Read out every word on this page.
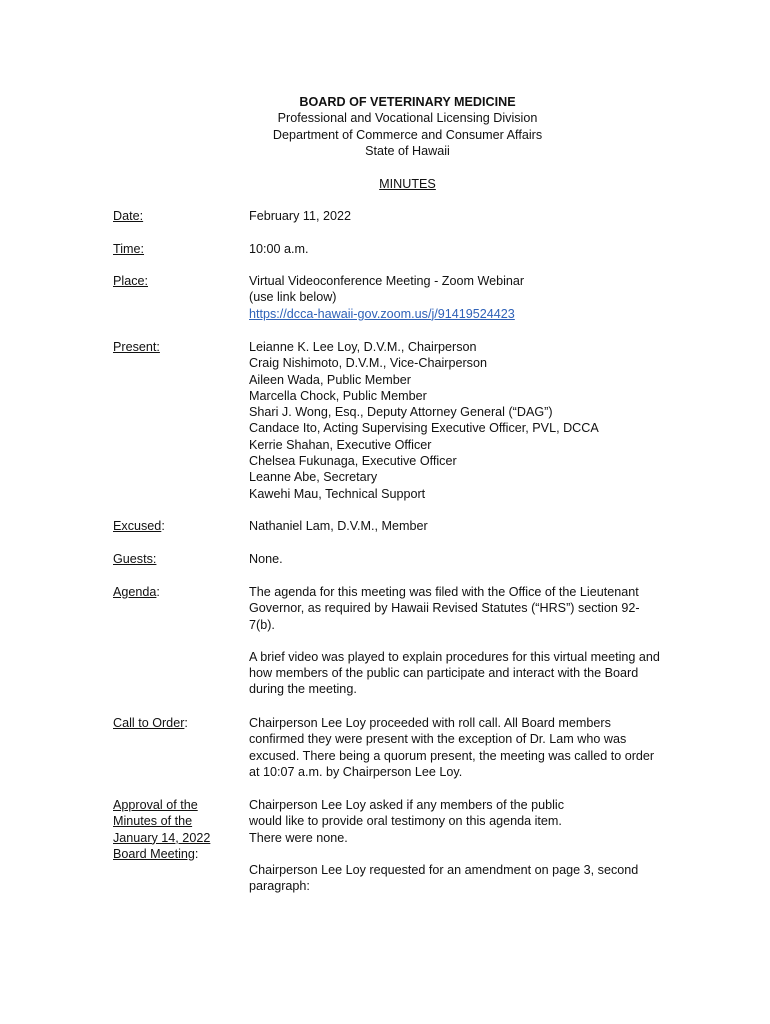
BOARD OF VETERINARY MEDICINE
Professional and Vocational Licensing Division
Department of Commerce and Consumer Affairs
State of Hawaii
MINUTES
Date:	February 11, 2022
Time:	10:00 a.m.
Place:	Virtual Videoconference Meeting - Zoom Webinar
(use link below)
https://dcca-hawaii-gov.zoom.us/j/91419524423
Present:	Leianne K. Lee Loy, D.V.M., Chairperson
Craig Nishimoto, D.V.M., Vice-Chairperson
Aileen Wada, Public Member
Marcella Chock, Public Member
Shari J. Wong, Esq., Deputy Attorney General (“DAG”)
Candace Ito, Acting Supervising Executive Officer, PVL, DCCA
Kerrie Shahan, Executive Officer
Chelsea Fukunaga, Executive Officer
Leanne Abe, Secretary
Kawehi Mau, Technical Support
Excused:	Nathaniel Lam, D.V.M., Member
Guests:	None.
Agenda:	The agenda for this meeting was filed with the Office of the Lieutenant
Governor, as required by Hawaii Revised Statutes (“HRS”) section 92-
7(b).
A brief video was played to explain procedures for this virtual meeting and
how members of the public can participate and interact with the Board
during the meeting.
Call to Order:	Chairperson Lee Loy proceeded with roll call. All Board members
confirmed they were present with the exception of Dr. Lam who was
excused. There being a quorum present, the meeting was called to order
at 10:07 a.m. by Chairperson Lee Loy.
Approval of the
Minutes of the
January 14, 2022
Board Meeting:
Chairperson Lee Loy asked if any members of the public
would like to provide oral testimony on this agenda item.
There were none.
Chairperson Lee Loy requested for an amendment on page 3, second
paragraph:
